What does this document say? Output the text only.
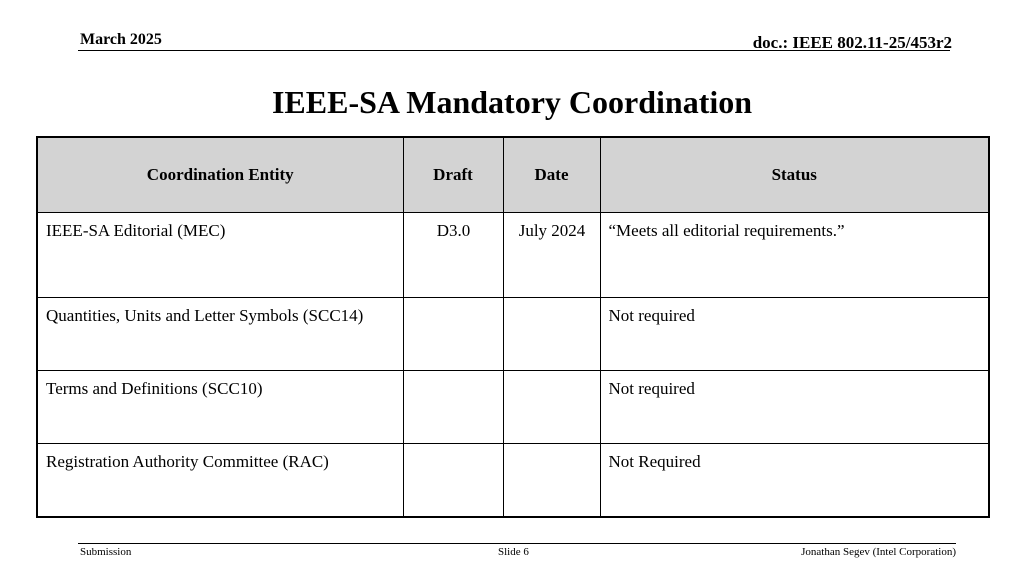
March 2025	doc.: IEEE 802.11-25/453r2
IEEE-SA Mandatory Coordination
Coordination Entity	Draft	Date	Status
IEEE-SA Editorial (MEC)	D3.0	July 2024	“Meets all editorial requirements.”
Quantities, Units and Letter Symbols (SCC14)			Not required
Terms and Definitions (SCC10)			Not required
Registration Authority Committee (RAC)			Not Required
Submission	Slide 6	Jonathan Segev (Intel Corporation)
